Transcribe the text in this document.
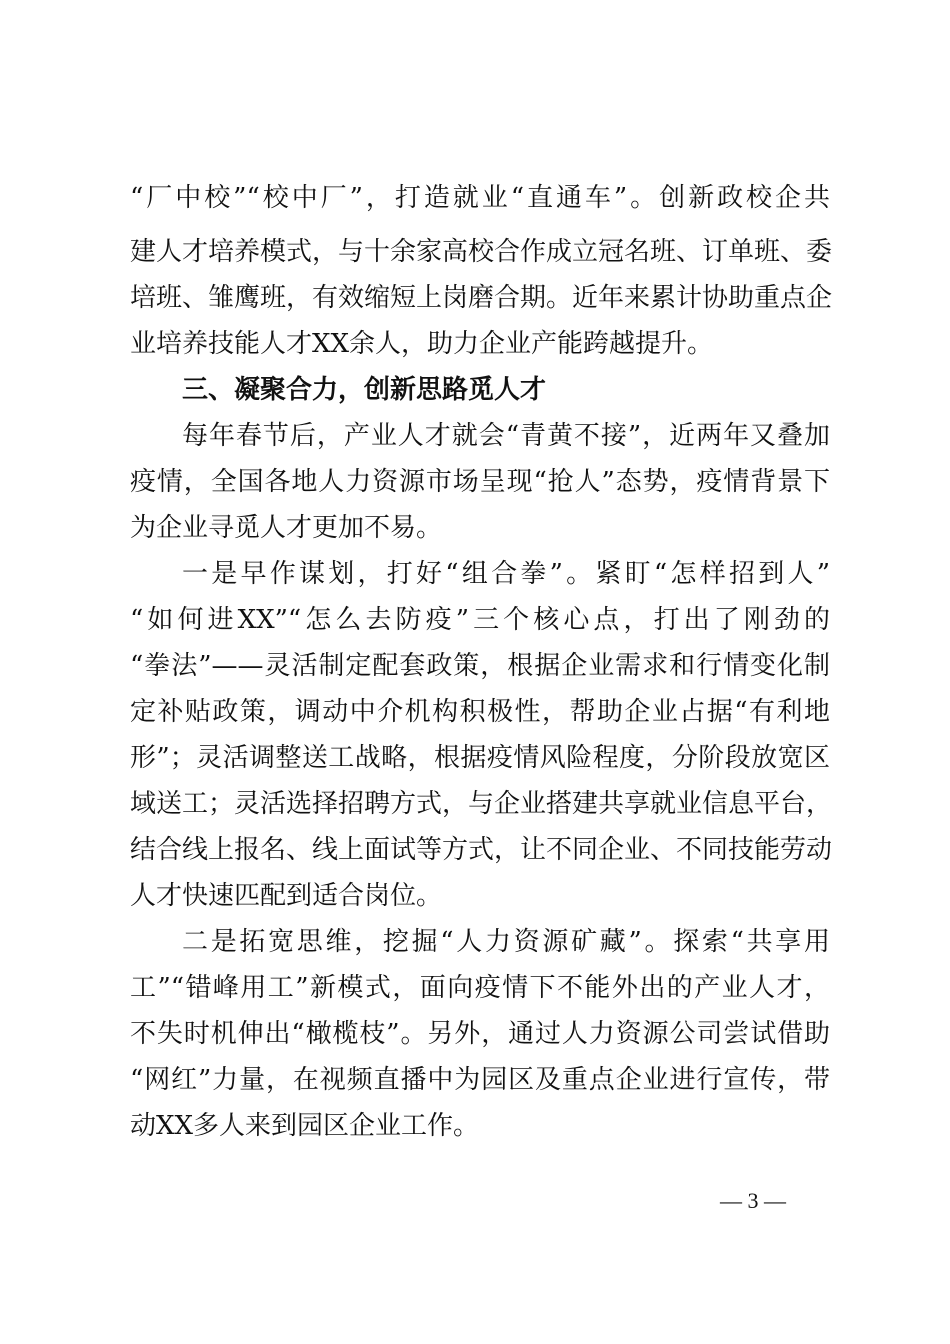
“厂中校”“校中厂”，打造就业“直通车”。创新政校企共

建人才培养模式，与十余家高校合作成立冠名班、订单班、委

培班、雏鹰班，有效缩短上岗磨合期。近年来累计协助重点企

业培养技能人才XX余人，助力企业产能跨越提升。

三、凝聚合力，创新思路觅人才

每年春节后，产业人才就会“青黄不接”，近两年又叠加

疫情，全国各地人力资源市场呈现“抢人”态势，疫情背景下

为企业寻觅人才更加不易。

一是早作谋划，打好“组合拳”。紧盯“怎样招到人”

“如何进XX”“怎么去防疫”三个核心点，打出了刚劲的

“拳法”——灵活制定配套政策，根据企业需求和行情变化制

定补贴政策，调动中介机构积极性，帮助企业占据“有利地

形”；灵活调整送工战略，根据疫情风险程度，分阶段放宽区

域送工；灵活选择招聘方式，与企业搭建共享就业信息平台，

结合线上报名、线上面试等方式，让不同企业、不同技能劳动

人才快速匹配到适合岗位。

二是拓宽思维，挖掘“人力资源矿藏”。探索“共享用

工”“错峰用工”新模式，面向疫情下不能外出的产业人才，

不失时机伸出“橄榄枝”。另外，通过人力资源公司尝试借助

“网红”力量，在视频直播中为园区及重点企业进行宣传，带

动XX多人来到园区企业工作。

— 3 —
